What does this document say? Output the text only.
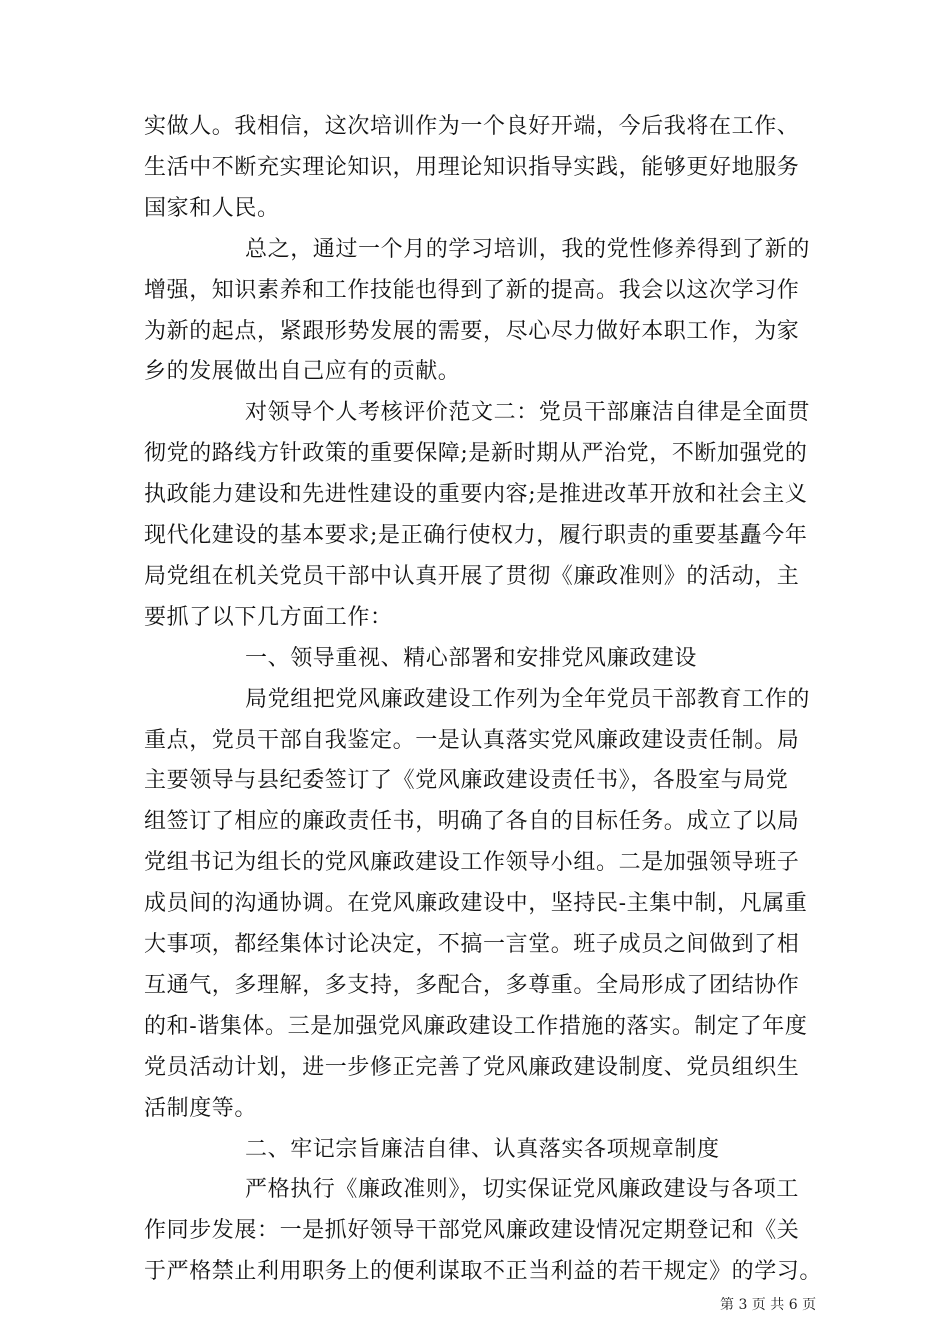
实做人。我相信，这次培训作为一个良好开端，今后我将在工作、
生活中不断充实理论知识，用理论知识指导实践，能够更好地服务
国家和人民。
总之，通过一个月的学习培训，我的党性修养得到了新的
增强，知识素养和工作技能也得到了新的提高。我会以这次学习作
为新的起点，紧跟形势发展的需要，尽心尽力做好本职工作，为家
乡的发展做出自己应有的贡献。
对领导个人考核评价范文二：党员干部廉洁自律是全面贯
彻党的路线方针政策的重要保障;是新时期从严治党，不断加强党的
执政能力建设和先进性建设的重要内容;是推进改革开放和社会主义
现代化建设的基本要求;是正确行使权力，履行职责的重要基矗今年
局党组在机关党员干部中认真开展了贯彻《廉政准则》的活动，主
要抓了以下几方面工作：
一、领导重视、精心部署和安排党风廉政建设
局党组把党风廉政建设工作列为全年党员干部教育工作的
重点，党员干部自我鉴定。一是认真落实党风廉政建设责任制。局
主要领导与县纪委签订了《党风廉政建设责任书》，各股室与局党
组签订了相应的廉政责任书，明确了各自的目标任务。成立了以局
党组书记为组长的党风廉政建设工作领导小组。二是加强领导班子
成员间的沟通协调。在党风廉政建设中，坚持民-主集中制，凡属重
大事项，都经集体讨论决定，不搞一言堂。班子成员之间做到了相
互通气，多理解，多支持，多配合，多尊重。全局形成了团结协作
的和-谐集体。三是加强党风廉政建设工作措施的落实。制定了年度
党员活动计划，进一步修正完善了党风廉政建设制度、党员组织生
活制度等。
二、牢记宗旨廉洁自律、认真落实各项规章制度
严格执行《廉政准则》，切实保证党风廉政建设与各项工
作同步发展：一是抓好领导干部党风廉政建设情况定期登记和《关
于严格禁止利用职务上的便利谋取不正当利益的若干规定》的学习。
第 3 页 共 6 页
